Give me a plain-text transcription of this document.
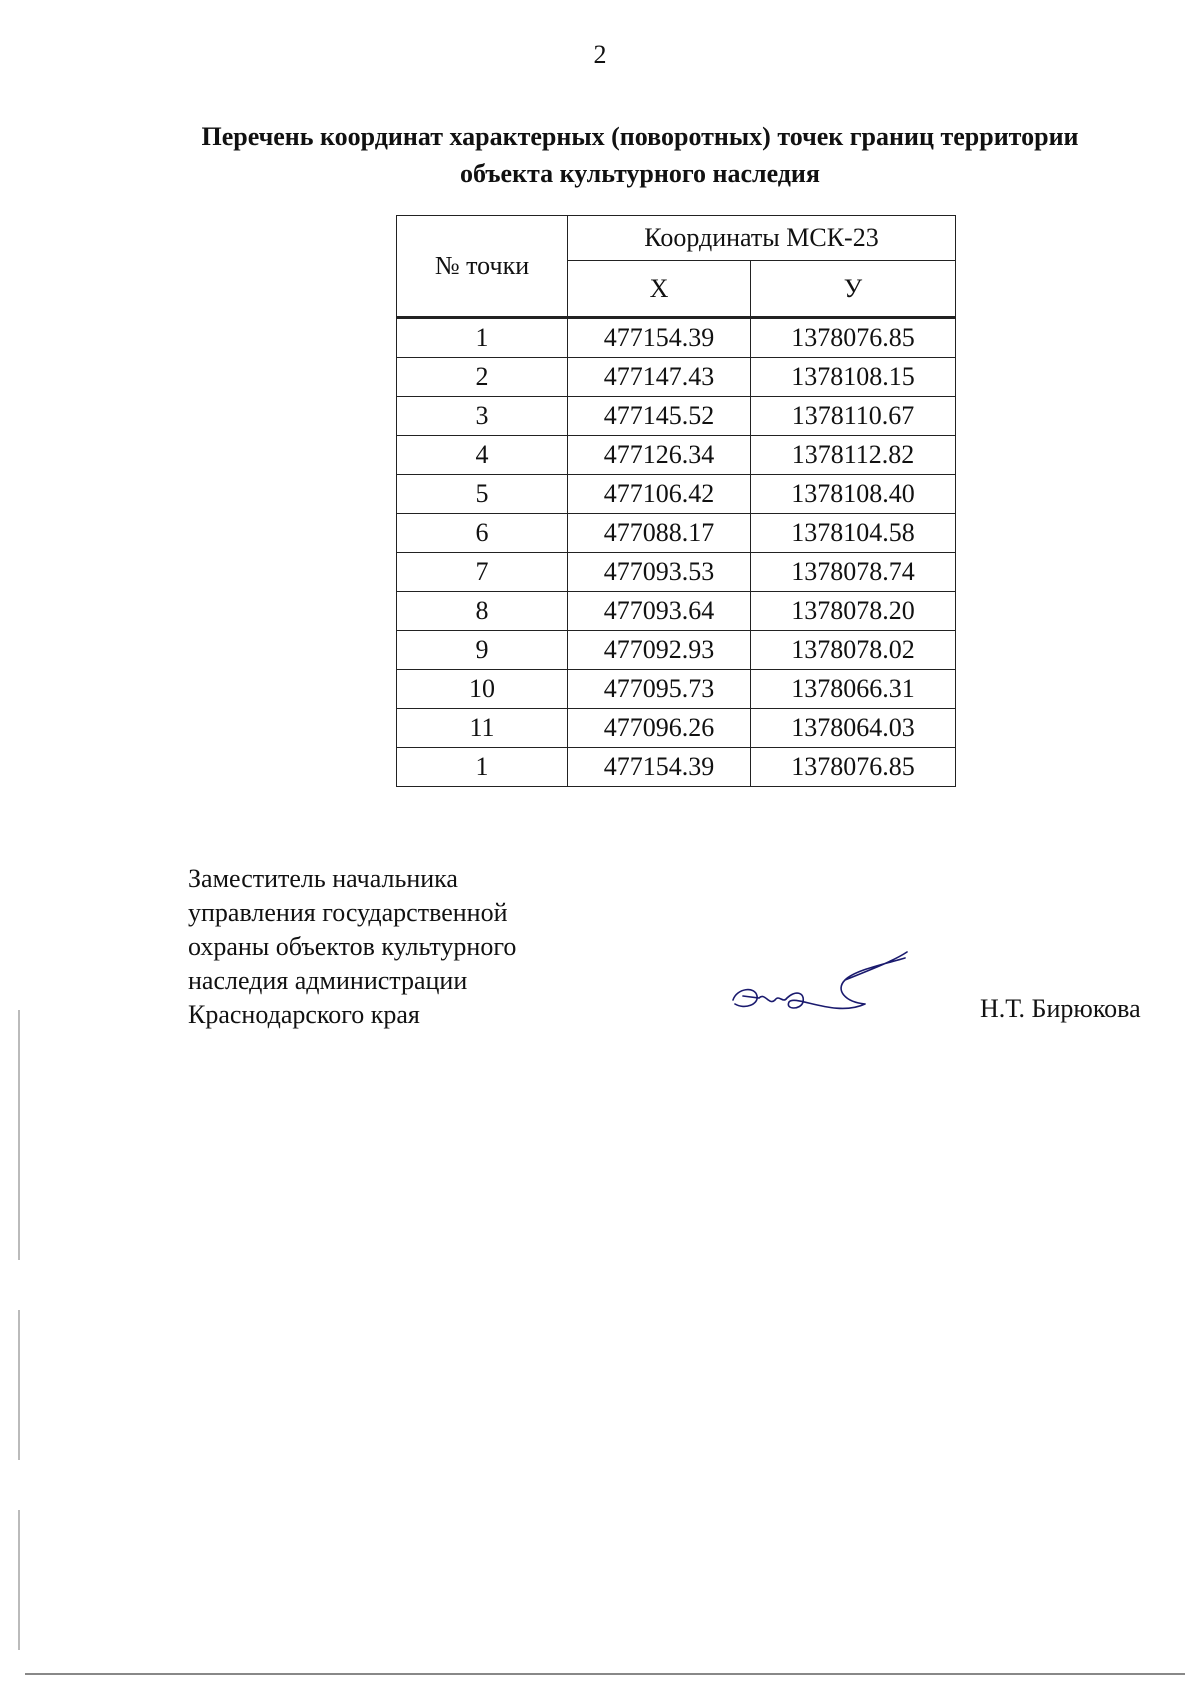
2
Перечень координат характерных (поворотных) точек границ территории
объекта культурного наследия
№ точки	Координаты МСК-23	
	X	У
1	477154.39	1378076.85
2	477147.43	1378108.15
3	477145.52	1378110.67
4	477126.34	1378112.82
5	477106.42	1378108.40
6	477088.17	1378104.58
7	477093.53	1378078.74
8	477093.64	1378078.20
9	477092.93	1378078.02
10	477095.73	1378066.31
11	477096.26	1378064.03
1	477154.39	1378076.85
Заместитель начальника
управления государственной
охраны объектов культурного
наследия администрации
Краснодарского края	Н.Т. Бирюкова
